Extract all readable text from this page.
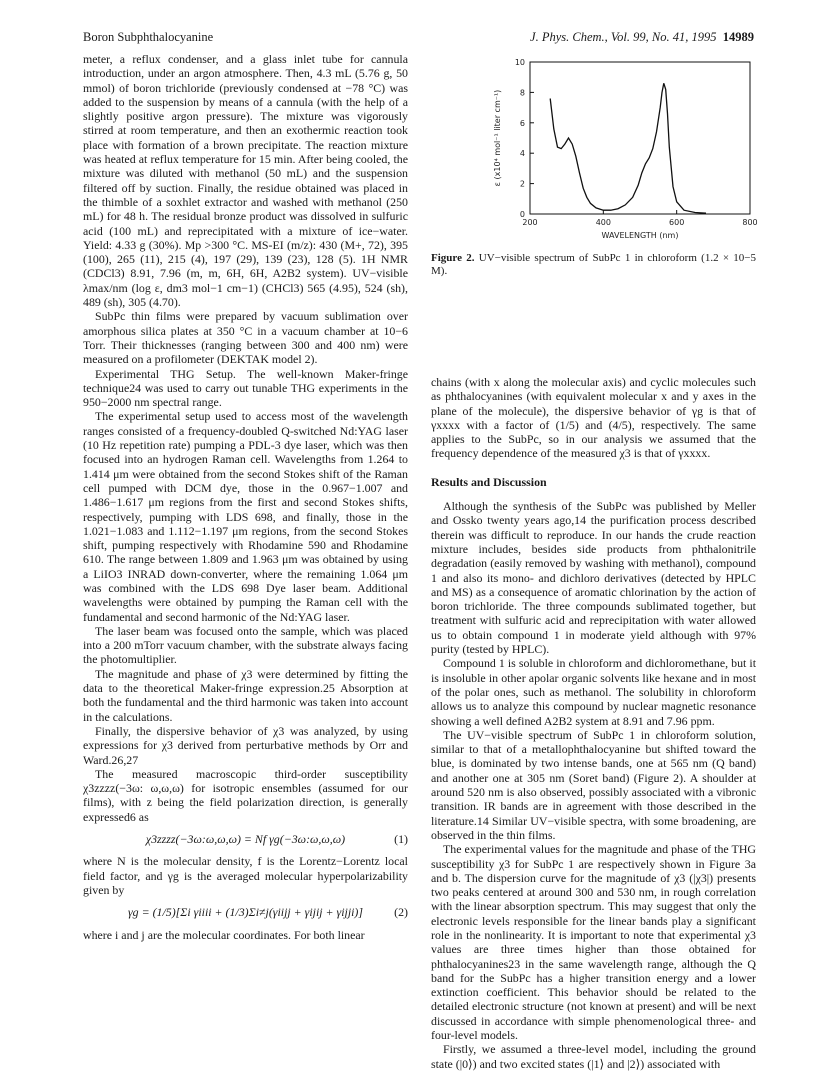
Boron Subphthalocyanine	J. Phys. Chem., Vol. 99, No. 41, 1995 14989

meter, a reflux condenser, and a glass inlet tube for cannula introduction, under an argon atmosphere. Then, 4.3 mL (5.76 g, 50 mmol) of boron trichloride (previously condensed at −78 °C) was added to the suspension by means of a cannula (with the help of a slightly positive argon pressure). The mixture was vigorously stirred at room temperature, and then an exothermic reaction took place with formation of a brown precipitate. The reaction mixture was heated at reflux temperature for 15 min. After being cooled, the mixture was diluted with methanol (50 mL) and the suspension filtered off by suction. Finally, the residue obtained was placed in the thimble of a soxhlet extractor and washed with methanol (250 mL) for 48 h. The residual bronze product was dissolved in sulfuric acid (100 mL) and reprecipitated with a mixture of ice−water. Yield: 4.33 g (30%). Mp >300 °C. MS-EI (m/z): 430 (M+, 72), 395 (100), 265 (11), 215 (4), 197 (29), 139 (23), 128 (5). 1H NMR (CDCl3) 8.91, 7.96 (m, m, 6H, 6H, A2B2 system). UV−visible λmax/nm (log ε, dm3 mol−1 cm−1) (CHCl3) 565 (4.95), 524 (sh), 489 (sh), 305 (4.70).

SubPc thin films were prepared by vacuum sublimation over amorphous silica plates at 350 °C in a vacuum chamber at 10−6 Torr. Their thicknesses (ranging between 300 and 400 nm) were measured on a profilometer (DEKTAK model 2).

Experimental THG Setup. The well-known Maker-fringe technique24 was used to carry out tunable THG experiments in the 950−2000 nm spectral range.

The experimental setup used to access most of the wavelength ranges consisted of a frequency-doubled Q-switched Nd:YAG laser (10 Hz repetition rate) pumping a PDL-3 dye laser, which was then focused into an hydrogen Raman cell. Wavelengths from 1.264 to 1.414 μm were obtained from the second Stokes shift of the Raman cell pumped with DCM dye, those in the 0.967−1.007 and 1.486−1.617 μm regions from the first and second Stokes shifts, respectively, pumping with LDS 698, and finally, those in the 1.021−1.083 and 1.112−1.197 μm regions, from the second Stokes shift, pumping respectively with Rhodamine 590 and Rhodamine 610. The range between 1.809 and 1.963 μm was obtained by using a LiIO3 INRAD down-converter, where the remaining 1.064 μm was combined with the LDS 698 Dye laser beam. Additional wavelengths were obtained by pumping the Raman cell with the fundamental and second harmonic of the Nd:YAG laser.

The laser beam was focused onto the sample, which was placed into a 200 mTorr vacuum chamber, with the substrate always facing the photomultiplier.

The magnitude and phase of χ3 were determined by fitting the data to the theoretical Maker-fringe expression.25 Absorption at both the fundamental and the third harmonic was taken into account in the calculations.

Finally, the dispersive behavior of χ3 was analyzed, by using expressions for χ3 derived from perturbative methods by Orr and Ward.26,27

The measured macroscopic third-order susceptibility χ3zzzz(−3ω: ω,ω,ω) for isotropic ensembles (assumed for our films), with z being the field polarization direction, is generally expressed6 as

χ3zzzz(−3ω:ω,ω,ω) = Nf γg(−3ω:ω,ω,ω)	(1)

where N is the molecular density, f is the Lorentz−Lorentz local field factor, and γg is the averaged molecular hyperpolarizability given by

γg = (1/5)[Σi γiiii + (1/3)Σi≠j(γiijj + γijij + γijji)]	(2)

where i and j are the molecular coordinates. For both linear

200	400	600	800
0
2
4
6
8
10
WAVELENGTH (nm)
ε (x10⁴ mol⁻¹ liter cm⁻¹)
Figure 2. UV−visible spectrum of SubPc 1 in chloroform (1.2 × 10−5 M).

chains (with x along the molecular axis) and cyclic molecules such as phthalocyanines (with equivalent molecular x and y axes in the plane of the molecule), the dispersive behavior of γg is that of γxxxx with a factor of (1/5) and (4/5), respectively. The same applies to the SubPc, so in our analysis we assumed that the frequency dependence of the measured χ3 is that of γxxxx.

Results and Discussion

Although the synthesis of the SubPc was published by Meller and Ossko twenty years ago,14 the purification process described therein was difficult to reproduce. In our hands the crude reaction mixture includes, besides side products from phthalonitrile degradation (easily removed by washing with methanol), compound 1 and also its mono- and dichloro derivatives (detected by HPLC and MS) as a consequence of aromatic chlorination by the action of boron trichloride. The three compounds sublimated together, but treatment with sulfuric acid and reprecipitation with water allowed us to obtain compound 1 in moderate yield although with 97% purity (tested by HPLC).

Compound 1 is soluble in chloroform and dichloromethane, but it is insoluble in other apolar organic solvents like hexane and in most of the polar ones, such as methanol. The solubility in chloroform allows us to analyze this compound by nuclear magnetic resonance showing a well defined A2B2 system at 8.91 and 7.96 ppm.

The UV−visible spectrum of SubPc 1 in chloroform solution, similar to that of a metallophthalocyanine but shifted toward the blue, is dominated by two intense bands, one at 565 nm (Q band) and another one at 305 nm (Soret band) (Figure 2). A shoulder at around 520 nm is also observed, possibly associated with a vibronic transition. IR bands are in agreement with those described in the literature.14 Similar UV−visible spectra, with some broadening, are observed in the thin films.

The experimental values for the magnitude and phase of the THG susceptibility χ3 for SubPc 1 are respectively shown in Figure 3a and b. The dispersion curve for the magnitude of χ3 (|χ3|) presents two peaks centered at around 300 and 530 nm, in rough correlation with the linear absorption spectrum. This may suggest that only the electronic levels responsible for the linear bands play a significant role in the nonlinearity. It is important to note that experimental χ3 values are three times higher than those obtained for phthalocyanines23 in the same wavelength range, although the Q band for the SubPc has a higher transition energy and a lower extinction coefficient. This behavior should be related to the detailed electronic structure (not known at present) and will be next discussed in accordance with simple phenomenological three- and four-level models.

Firstly, we assumed a three-level model, including the ground state (|0⟩) and two excited states (|1⟩ and |2⟩) associated with
